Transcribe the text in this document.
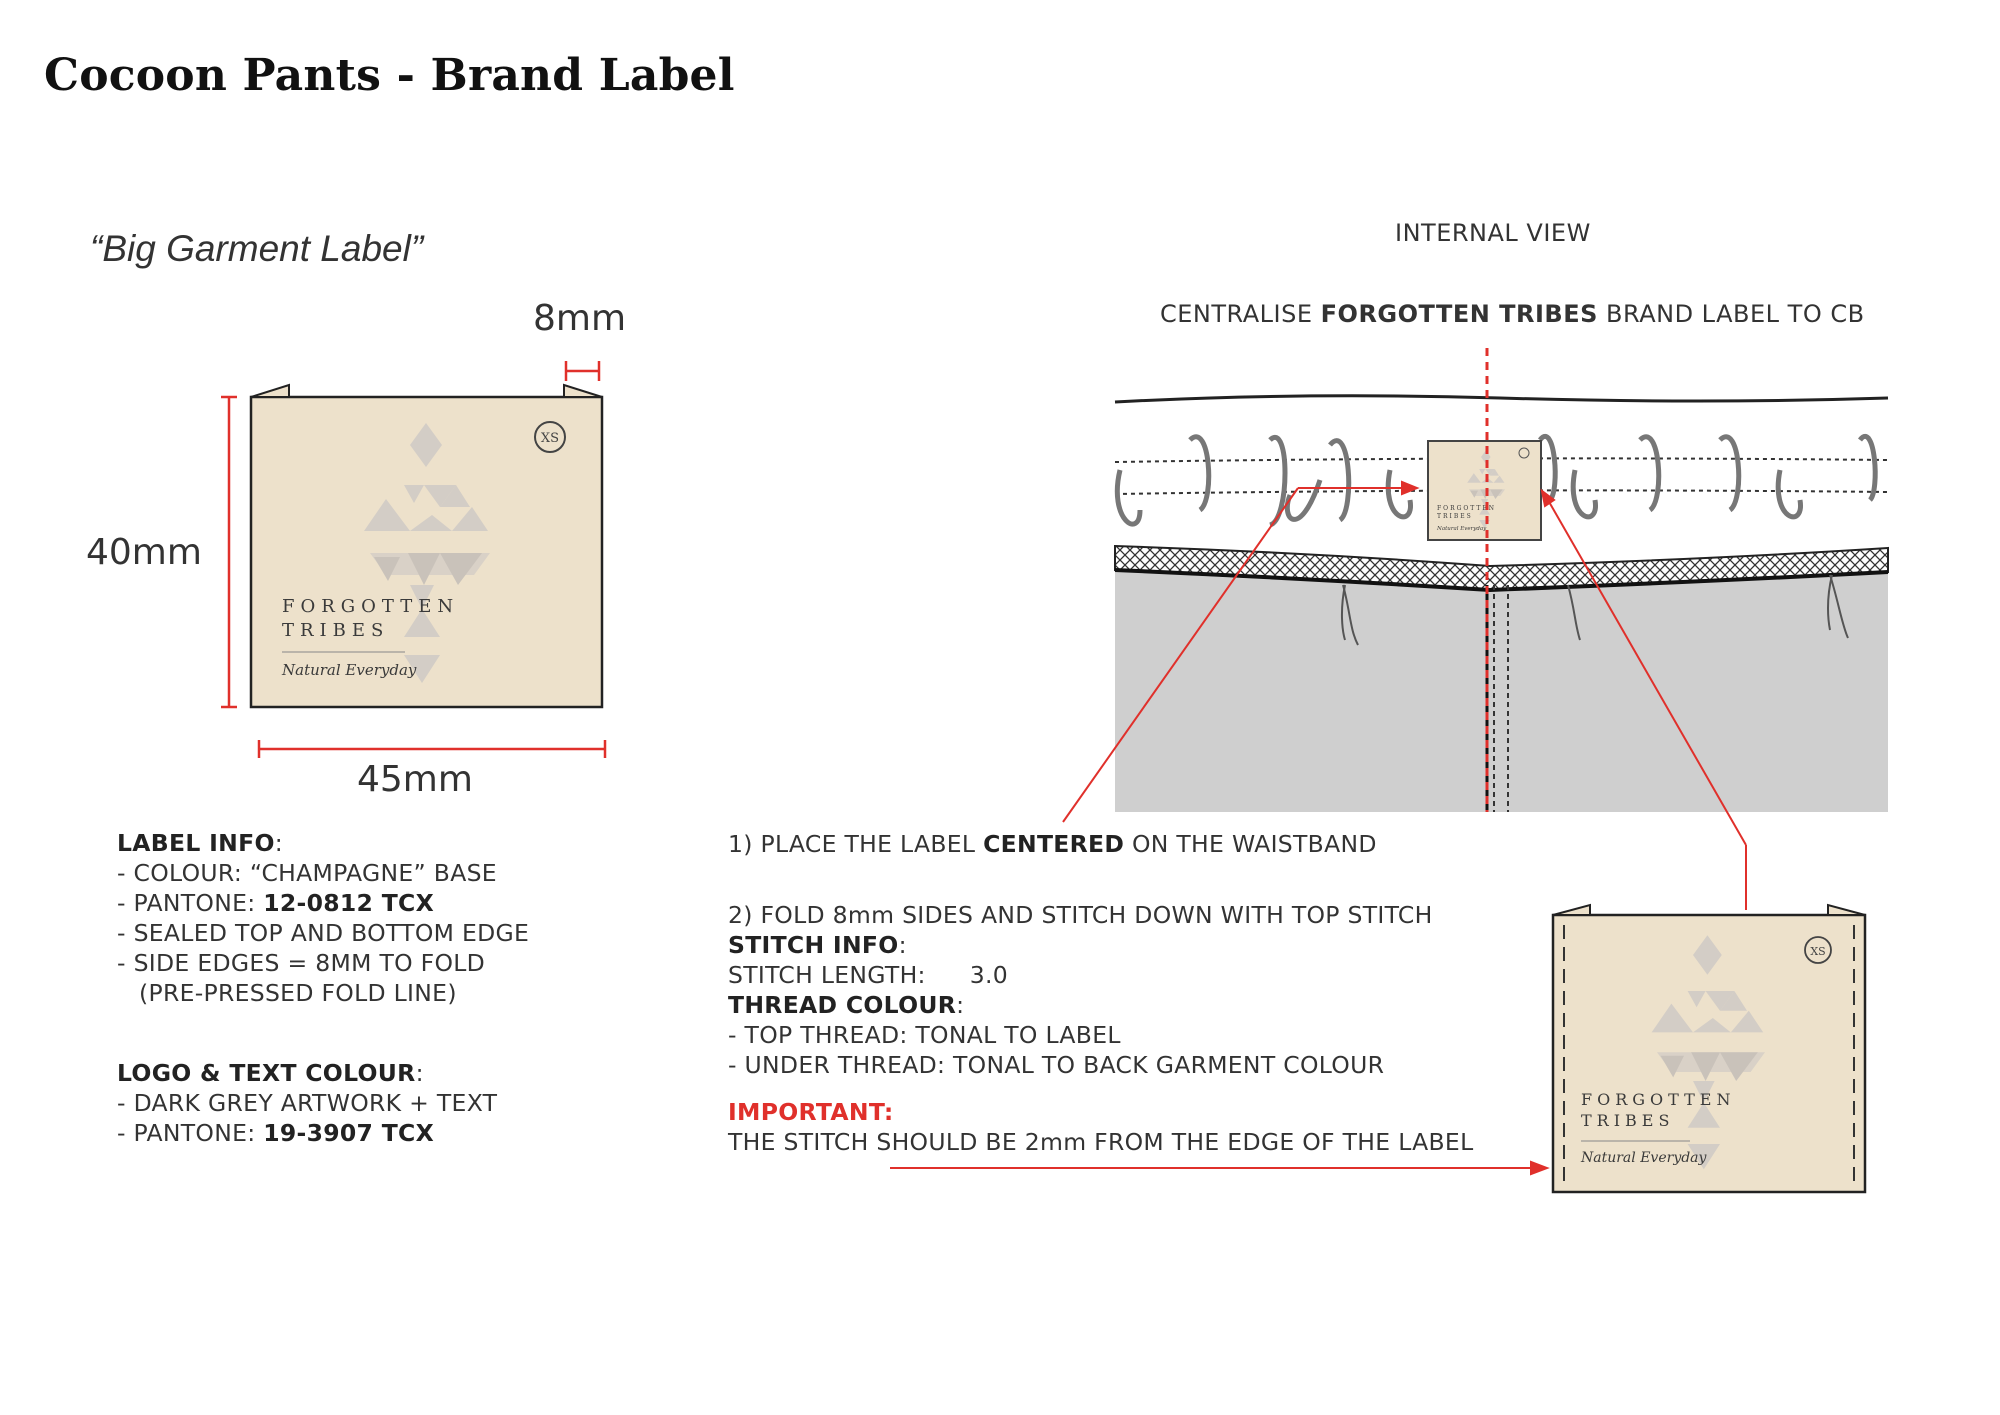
Cocoon Pants - Brand Label
“Big Garment Label”
8mm
40mm
45mm
XS
FORGOTTEN
TRIBES
Natural Everyday
FORGOTTEN
TRIBES
Natural Everyday
XS
FORGOTTEN
TRIBES
Natural Everyday
LABEL INFO:
- COLOUR: “CHAMPAGNE” BASE
- PANTONE: 12-0812 TCX
- SEALED TOP AND BOTTOM EDGE
- SIDE EDGES = 8MM TO FOLD
(PRE-PRESSED FOLD LINE)
LOGO & TEXT COLOUR:
- DARK GREY ARTWORK + TEXT
- PANTONE: 19-3907 TCX
INTERNAL VIEW
CENTRALISE FORGOTTEN TRIBES BRAND LABEL TO CB
1) PLACE THE LABEL CENTERED ON THE WAISTBAND
2) FOLD 8mm SIDES AND STITCH DOWN WITH TOP STITCH
STITCH INFO:
STITCH LENGTH: 3.0
THREAD COLOUR:
- TOP THREAD: TONAL TO LABEL
- UNDER THREAD: TONAL TO BACK GARMENT COLOUR
IMPORTANT:
THE STITCH SHOULD BE 2mm FROM THE EDGE OF THE LABEL
